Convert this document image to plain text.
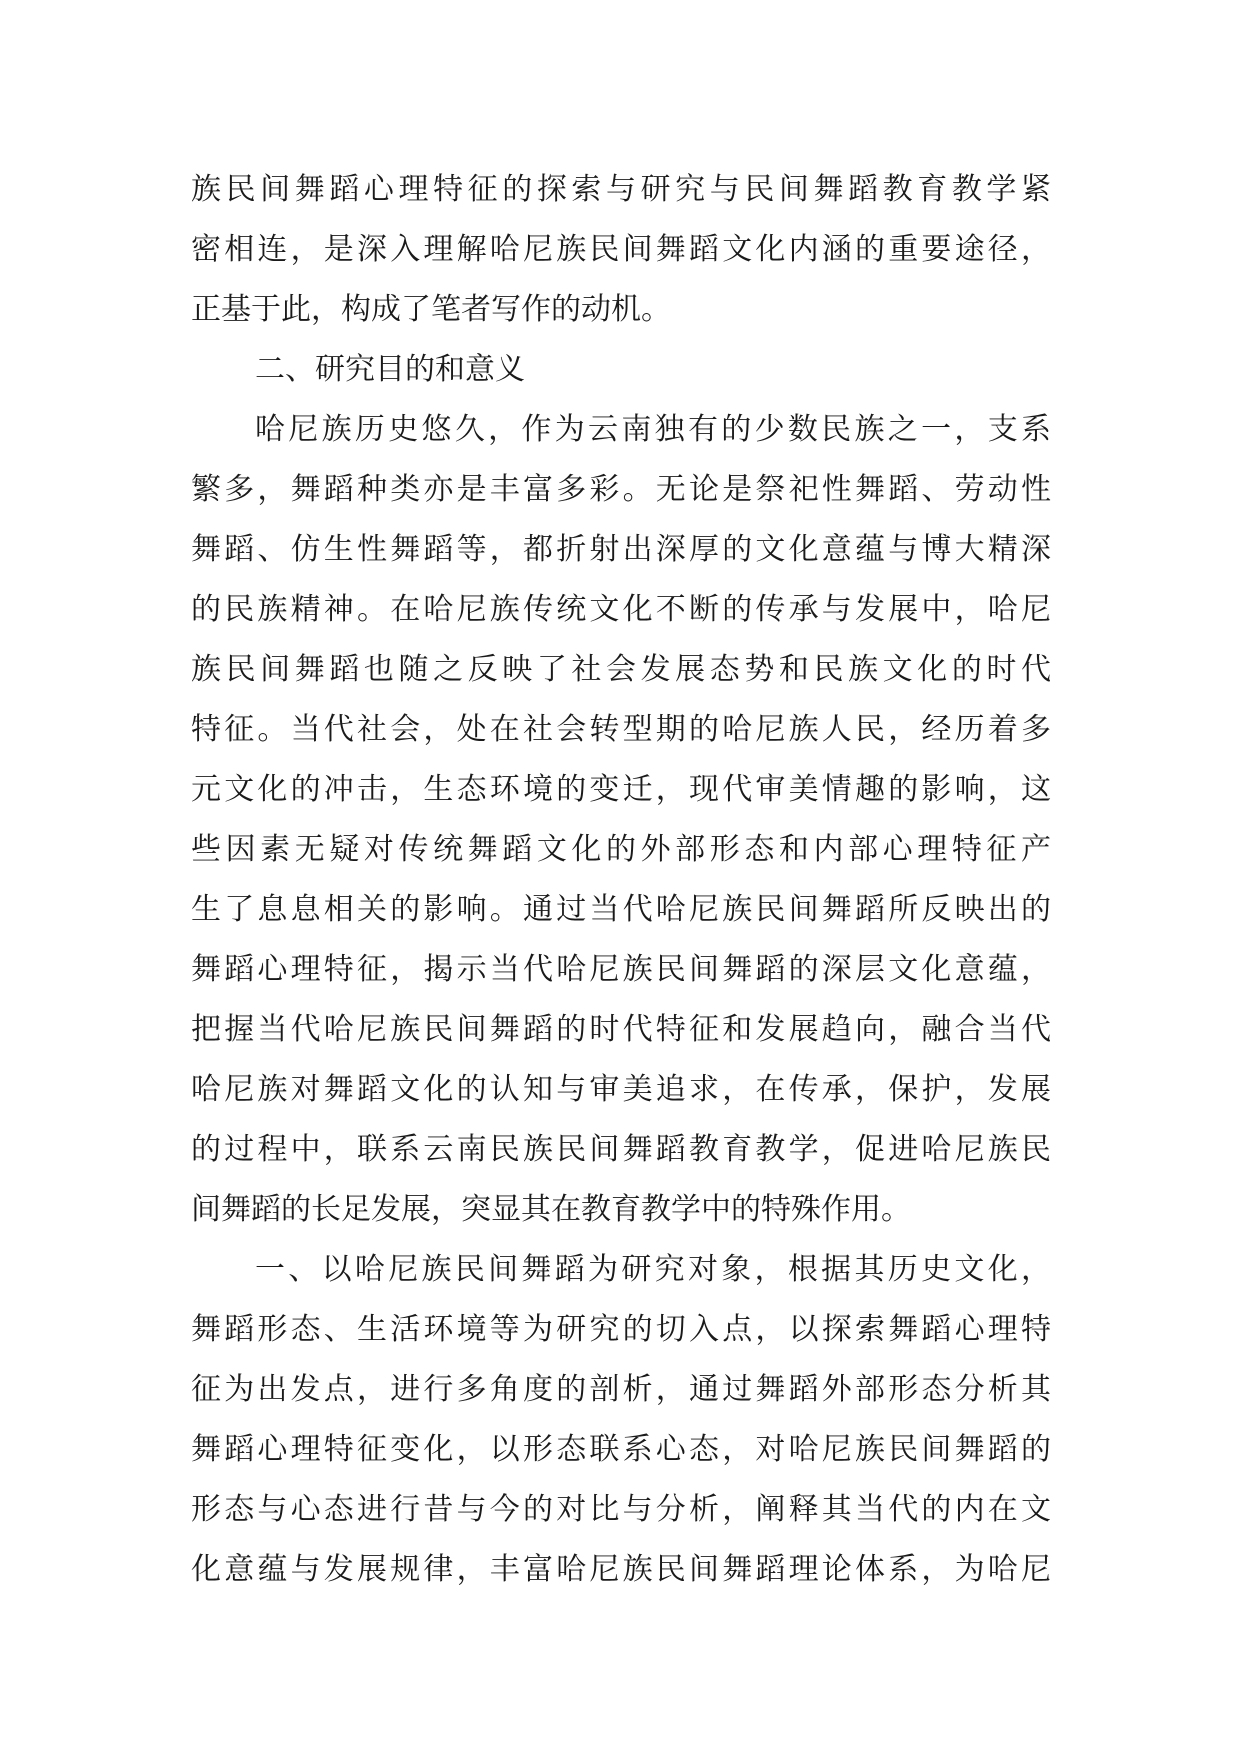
族民间舞蹈心理特征的探索与研究与民间舞蹈教育教学紧
密相连，是深入理解哈尼族民间舞蹈文化内涵的重要途径，
正基于此，构成了笔者写作的动机。
二、研究目的和意义
哈尼族历史悠久，作为云南独有的少数民族之一，支系
繁多，舞蹈种类亦是丰富多彩。无论是祭祀性舞蹈、劳动性
舞蹈、仿生性舞蹈等，都折射出深厚的文化意蕴与博大精深
的民族精神。在哈尼族传统文化不断的传承与发展中，哈尼
族民间舞蹈也随之反映了社会发展态势和民族文化的时代
特征。当代社会，处在社会转型期的哈尼族人民，经历着多
元文化的冲击，生态环境的变迁，现代审美情趣的影响，这
些因素无疑对传统舞蹈文化的外部形态和内部心理特征产
生了息息相关的影响。通过当代哈尼族民间舞蹈所反映出的
舞蹈心理特征，揭示当代哈尼族民间舞蹈的深层文化意蕴，
把握当代哈尼族民间舞蹈的时代特征和发展趋向，融合当代
哈尼族对舞蹈文化的认知与审美追求，在传承，保护，发展
的过程中，联系云南民族民间舞蹈教育教学，促进哈尼族民
间舞蹈的长足发展，突显其在教育教学中的特殊作用。
一、以哈尼族民间舞蹈为研究对象，根据其历史文化，
舞蹈形态、生活环境等为研究的切入点，以探索舞蹈心理特
征为出发点，进行多角度的剖析，通过舞蹈外部形态分析其
舞蹈心理特征变化，以形态联系心态，对哈尼族民间舞蹈的
形态与心态进行昔与今的对比与分析，阐释其当代的内在文
化意蕴与发展规律，丰富哈尼族民间舞蹈理论体系，为哈尼
